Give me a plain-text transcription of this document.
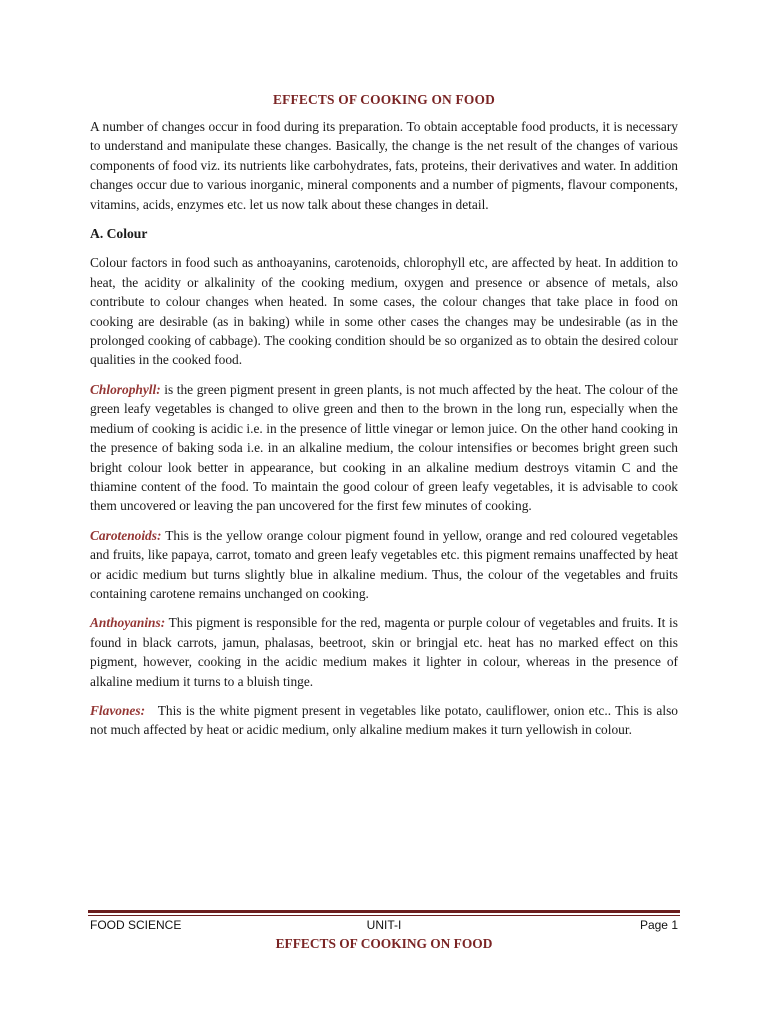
EFFECTS OF COOKING ON FOOD

A number of changes occur in food during its preparation. To obtain acceptable food products, it is necessary to understand and manipulate these changes. Basically, the change is the net result of the changes of various components of food viz. its nutrients like carbohydrates, fats, proteins, their derivatives and water. In addition changes occur due to various inorganic, mineral components and a number of pigments, flavour components, vitamins, acids, enzymes etc. let us now talk about these changes in detail.

A. Colour

Colour factors in food such as anthoayanins, carotenoids, chlorophyll etc, are affected by heat. In addition to heat, the acidity or alkalinity of the cooking medium, oxygen and presence or absence of metals, also contribute to colour changes when heated. In some cases, the colour changes that take place in food on cooking are desirable (as in baking) while in some other cases the changes may be undesirable (as in the prolonged cooking of cabbage). The cooking condition should be so organized as to obtain the desired colour qualities in the cooked food.

Chlorophyll: is the green pigment present in green plants, is not much affected by the heat. The colour of the green leafy vegetables is changed to olive green and then to the brown in the long run, especially when the medium of cooking is acidic i.e. in the presence of little vinegar or lemon juice. On the other hand cooking in the presence of baking soda i.e. in an alkaline medium, the colour intensifies or becomes bright green such bright colour look better in appearance, but cooking in an alkaline medium destroys vitamin C and the thiamine content of the food. To maintain the good colour of green leafy vegetables, it is advisable to cook them uncovered or leaving the pan uncovered for the first few minutes of cooking.

Carotenoids: This is the yellow orange colour pigment found in yellow, orange and red coloured vegetables and fruits, like papaya, carrot, tomato and green leafy vegetables etc. this pigment remains unaffected by heat or acidic medium but turns slightly blue in alkaline medium. Thus, the colour of the vegetables and fruits containing carotene remains unchanged on cooking.

Anthoyanins: This pigment is responsible for the red, magenta or purple colour of vegetables and fruits. It is found in black carrots, jamun, phalasas, beetroot, skin or bringjal etc. heat has no marked effect on this pigment, however, cooking in the acidic medium makes it lighter in colour, whereas in the presence of alkaline medium it turns to a bluish tinge.

Flavones:   This is the white pigment present in vegetables like potato, cauliflower, onion etc.. This is also not much affected by heat or acidic medium, only alkaline medium makes it turn yellowish in colour.

FOOD SCIENCE	UNIT-I	Page 1
EFFECTS OF COOKING ON FOOD
